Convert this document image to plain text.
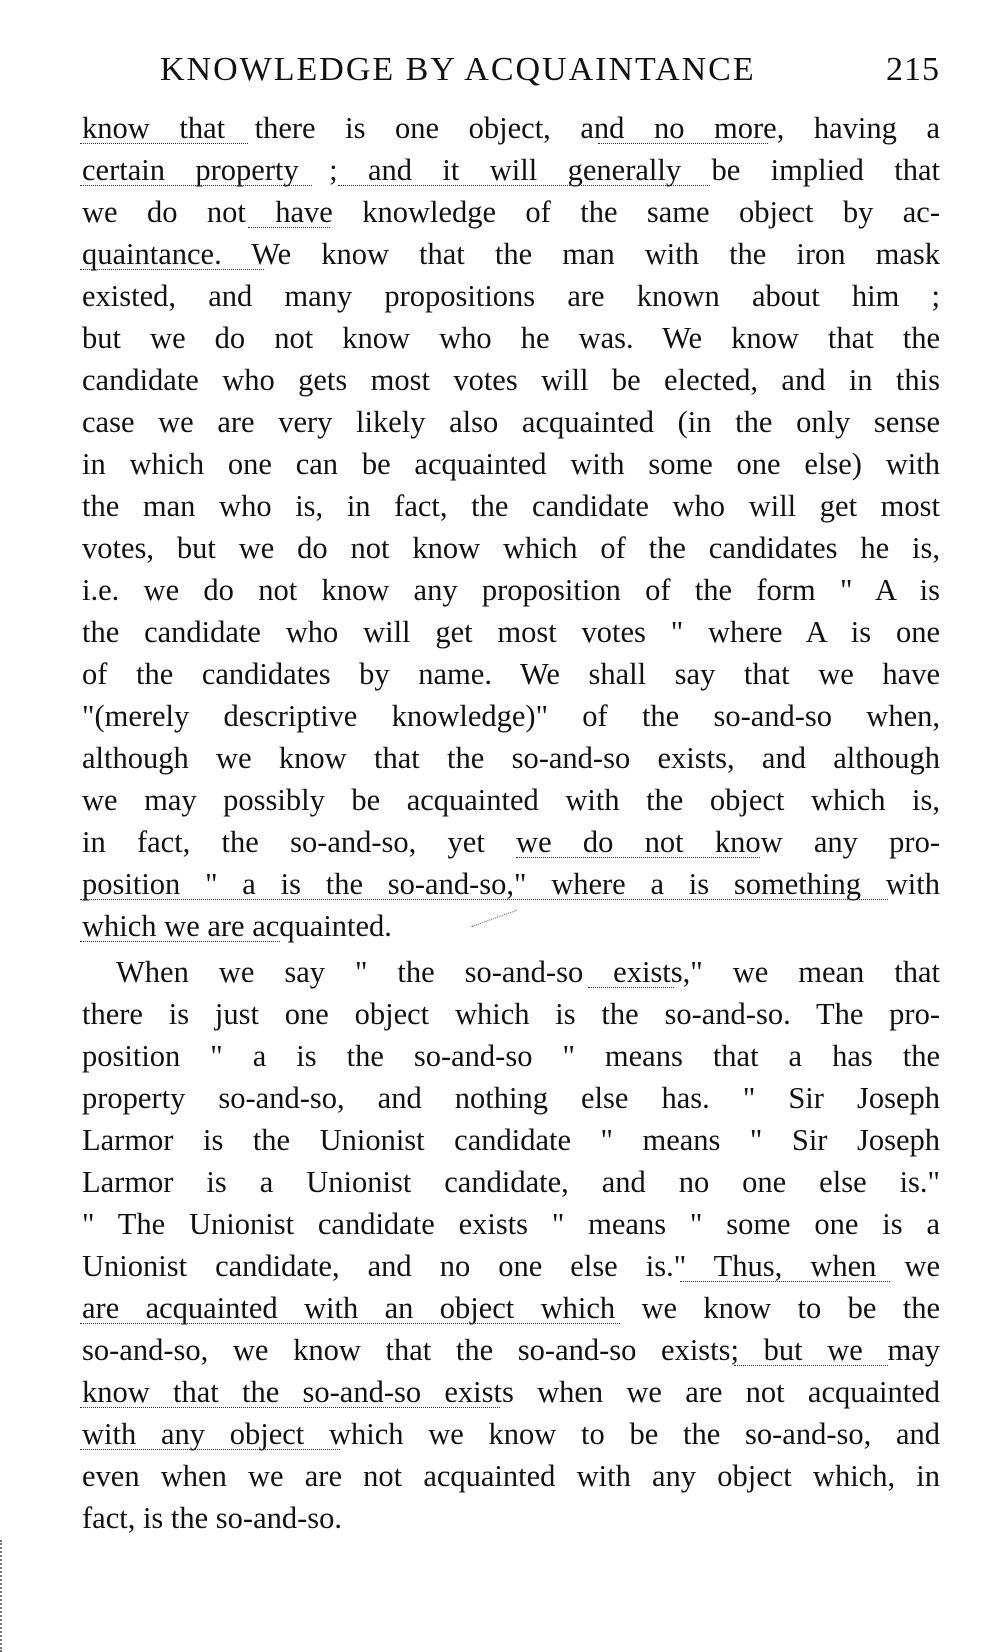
KNOWLEDGE BY ACQUAINTANCE	215
know that there is one object, and no more, having a
certain property ; and it will generally be implied that
we do not have knowledge of the same object by ac-
quaintance. We know that the man with the iron mask
existed, and many propositions are known about him ;
but we do not know who he was. We know that the
candidate who gets most votes will be elected, and in this
case we are very likely also acquainted (in the only sense
in which one can be acquainted with some one else) with
the man who is, in fact, the candidate who will get most
votes, but we do not know which of the candidates he is,
i.e. we do not know any proposition of the form " A is
the candidate who will get most votes " where A is one
of the candidates by name. We shall say that we have
"(merely descriptive knowledge)" of the so-and-so when,
although we know that the so-and-so exists, and although
we may possibly be acquainted with the object which is,
in fact, the so-and-so, yet we do not know any pro-
position " a is the so-and-so," where a is something with
which we are acquainted.
When we say " the so-and-so exists," we mean that
there is just one object which is the so-and-so. The pro-
position " a is the so-and-so " means that a has the
property so-and-so, and nothing else has. " Sir Joseph
Larmor is the Unionist candidate " means " Sir Joseph
Larmor is a Unionist candidate, and no one else is."
" The Unionist candidate exists " means " some one is a
Unionist candidate, and no one else is." Thus, when we
are acquainted with an object which we know to be the
so-and-so, we know that the so-and-so exists; but we may
know that the so-and-so exists when we are not acquainted
with any object which we know to be the so-and-so, and
even when we are not acquainted with any object which, in
fact, is the so-and-so.
